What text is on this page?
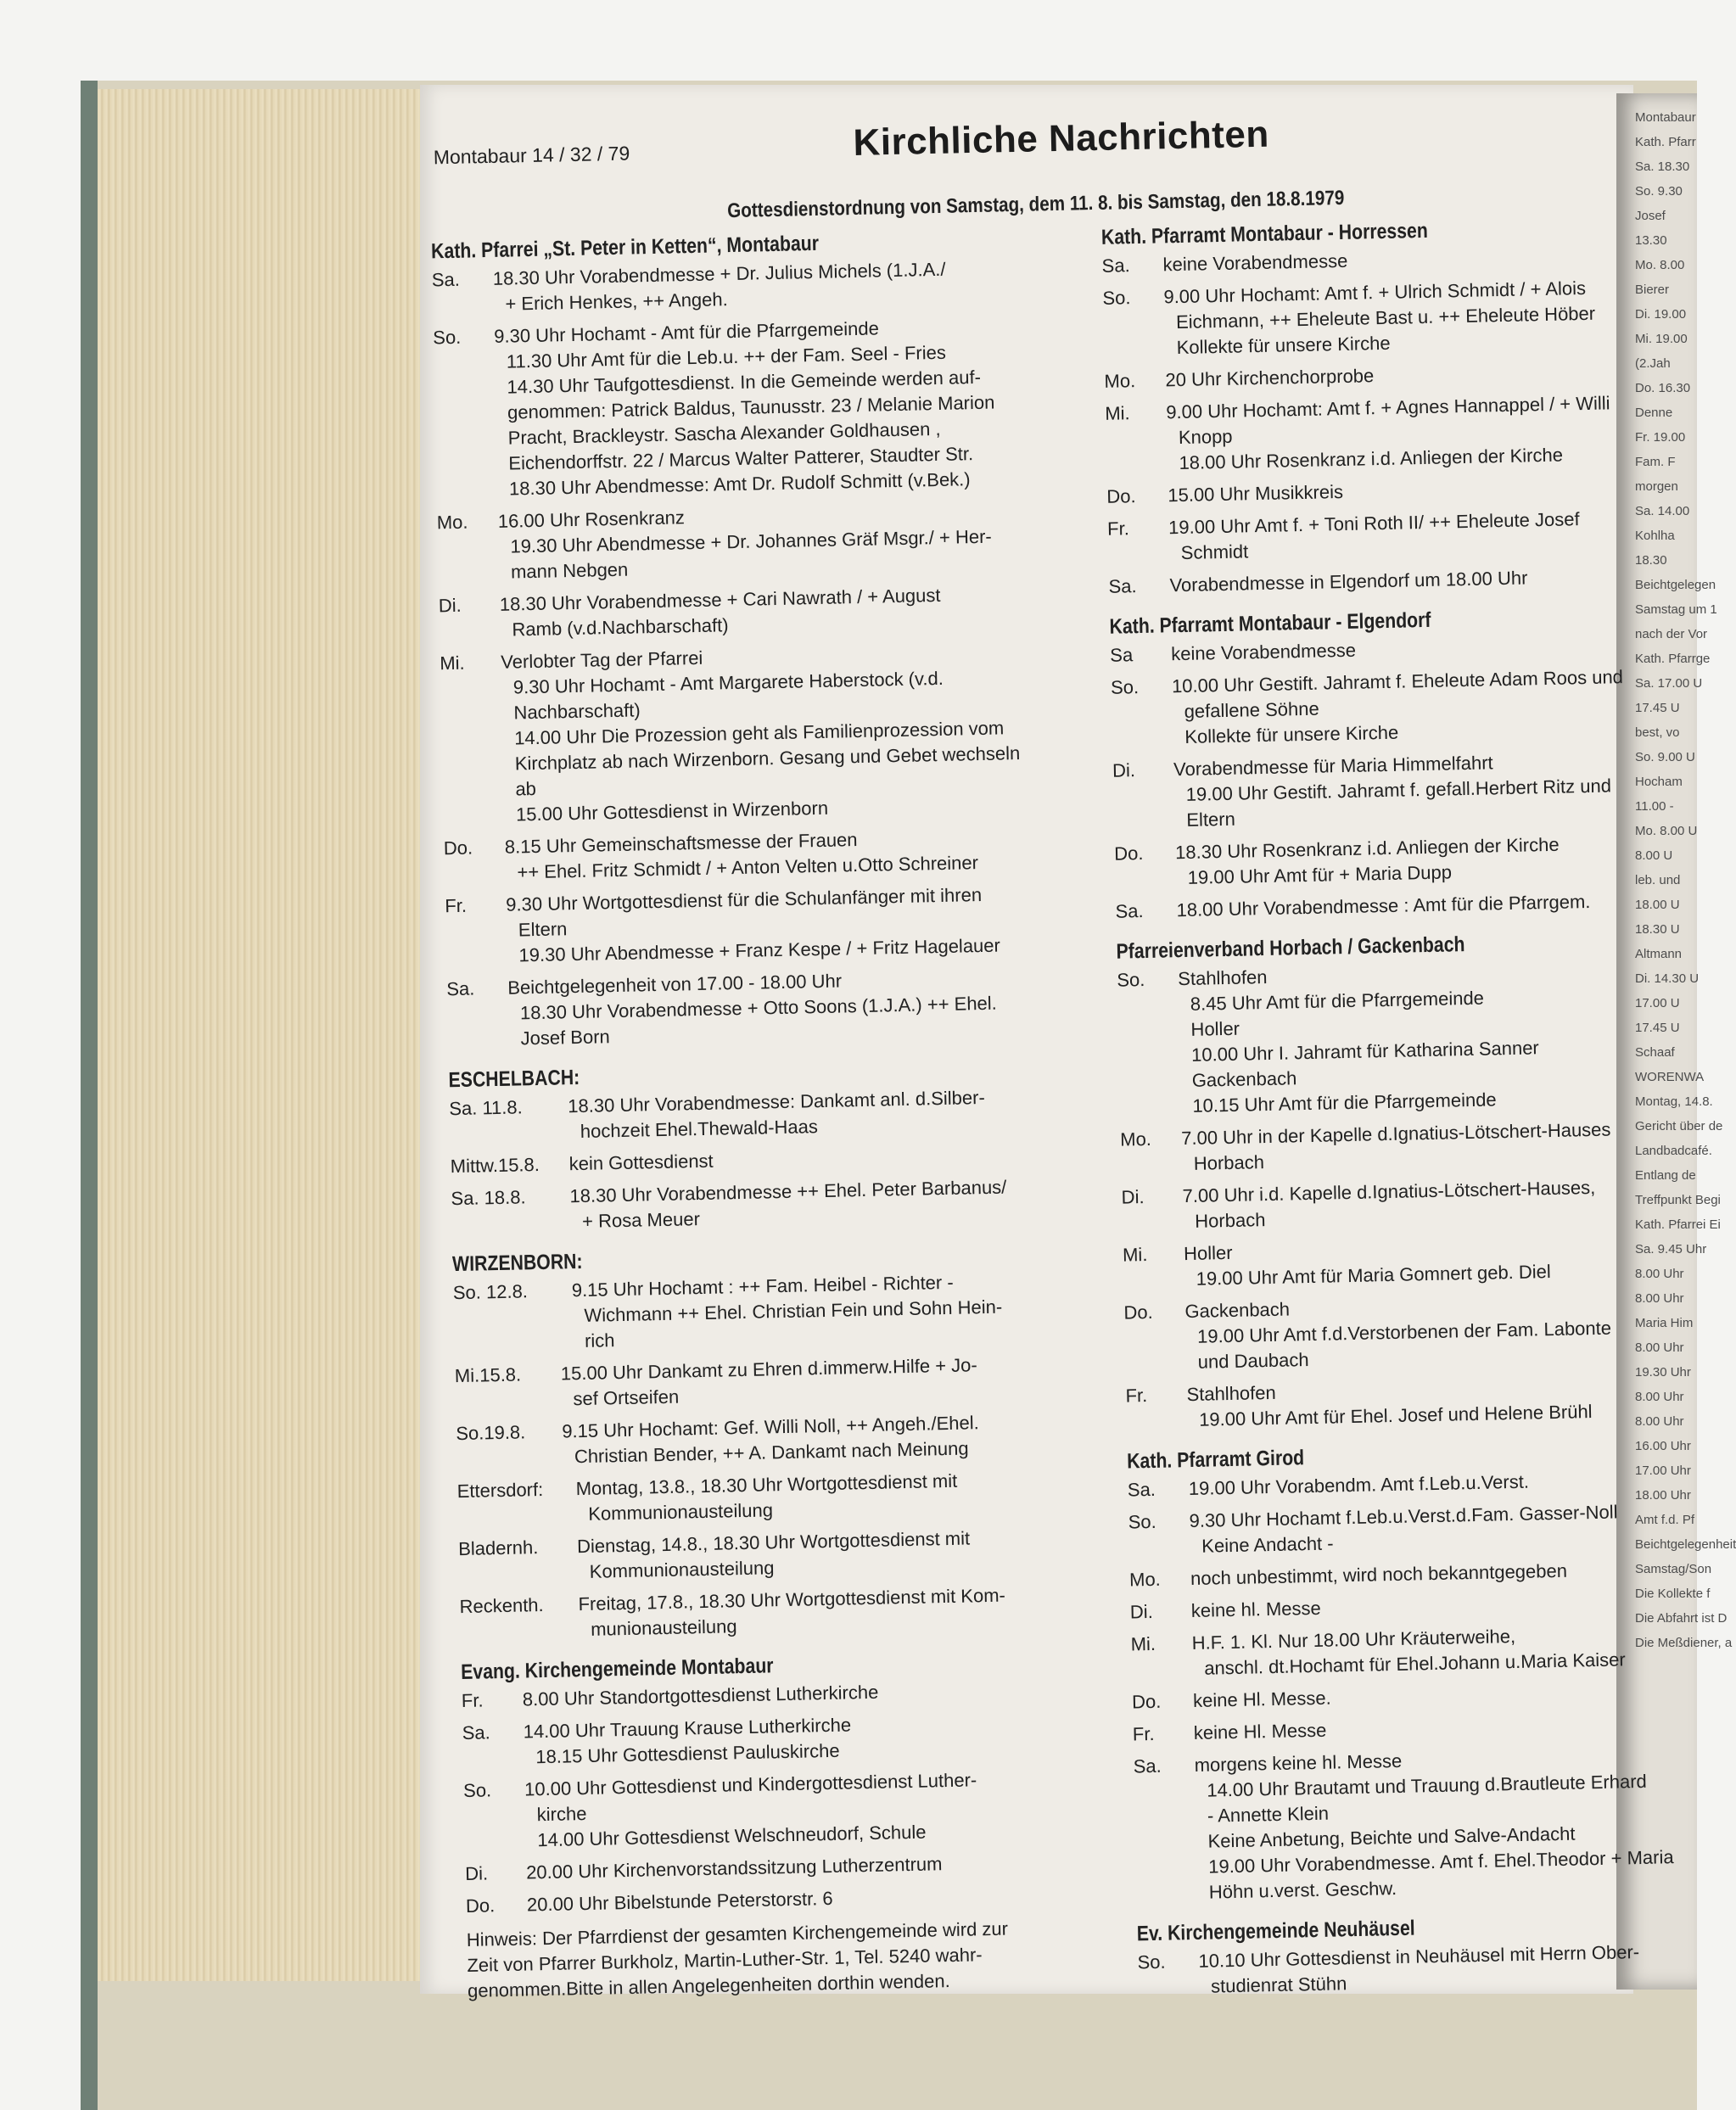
Montabaur
Kath. Pfarr
Sa. 18.30
So. 9.30
Josef
13.30
Mo. 8.00
Bierer
Di. 19.00
Mi. 19.00
(2.Jah
Do. 16.30
Denne
Fr. 19.00
Fam. F
morgen
Sa. 14.00
Kohlha
18.30
Beichtgelegen
Samstag um 1
nach der Vor
Kath. Pfarrge
Sa. 17.00 U
17.45 U
best, vo
So. 9.00 U
Hocham
11.00 -
Mo. 8.00 U
8.00 U
leb. und
18.00 U
18.30 U
Altmann
Di. 14.30 U
17.00 U
17.45 U
Schaaf
WORENWA
Montag, 14.8.
Gericht über de
Landbadcafé.
Entlang de
Treffpunkt Begi
Kath. Pfarrei Ei
Sa. 9.45 Uhr
8.00 Uhr
8.00 Uhr
Maria Him
8.00 Uhr
19.30 Uhr
8.00 Uhr
8.00 Uhr
16.00 Uhr
17.00 Uhr
18.00 Uhr
Amt f.d. Pf
Beichtgelegenheit
Samstag/Son
Die Kollekte f
Die Abfahrt ist D
Die Meßdiener, a
Montabaur 14 / 32 / 79	Kirchliche Nachrichten
Gottesdienstordnung von Samstag, dem 11. 8. bis Samstag, den 18.8.1979
Kath. Pfarrei „St. Peter in Ketten“, Montabaur
Sa.	18.30 Uhr Vorabendmesse + Dr. Julius Michels (1.J.A./
+ Erich Henkes, ++ Angeh.
So.	9.30 Uhr Hochamt - Amt für die Pfarrgemeinde
11.30 Uhr Amt für die Leb.u. ++ der Fam. Seel - Fries
14.30 Uhr Taufgottesdienst. In die Gemeinde werden auf-
genommen: Patrick Baldus, Taunusstr. 23 / Melanie Marion
Pracht, Brackleystr. Sascha Alexander Goldhausen ,
Eichendorffstr. 22 / Marcus Walter Patterer, Staudter Str.
18.30 Uhr Abendmesse: Amt Dr. Rudolf Schmitt (v.Bek.)
Mo.	16.00 Uhr Rosenkranz
19.30 Uhr Abendmesse + Dr. Johannes Gräf Msgr./ + Her-
mann Nebgen
Di.	18.30 Uhr Vorabendmesse + Cari Nawrath / + August
Ramb (v.d.Nachbarschaft)
Mi.	Verlobter Tag der Pfarrei
9.30 Uhr Hochamt - Amt Margarete Haberstock (v.d.
Nachbarschaft)
14.00 Uhr Die Prozession geht als Familienprozession vom
Kirchplatz ab nach Wirzenborn. Gesang und Gebet wechseln
ab
15.00 Uhr Gottesdienst in Wirzenborn
Do.	8.15 Uhr Gemeinschaftsmesse der Frauen
++ Ehel. Fritz Schmidt / + Anton Velten u.Otto Schreiner
Fr.	9.30 Uhr Wortgottesdienst für die Schulanfänger mit ihren
Eltern
19.30 Uhr Abendmesse + Franz Kespe / + Fritz Hagelauer
Sa.	Beichtgelegenheit von 17.00 - 18.00 Uhr
18.30 Uhr Vorabendmesse + Otto Soons (1.J.A.) ++ Ehel.
Josef Born
ESCHELBACH:
Sa. 11.8.	18.30 Uhr Vorabendmesse: Dankamt anl. d.Silber-
hochzeit Ehel.Thewald-Haas
Mittw.15.8.	kein Gottesdienst
Sa. 18.8.	18.30 Uhr Vorabendmesse ++ Ehel. Peter Barbanus/
+ Rosa Meuer
WIRZENBORN:
So. 12.8.	9.15 Uhr Hochamt : ++ Fam. Heibel - Richter -
Wichmann ++ Ehel. Christian Fein und Sohn Hein-
rich
Mi.15.8.	15.00 Uhr Dankamt zu Ehren d.immerw.Hilfe + Jo-
sef Ortseifen
So.19.8.	9.15 Uhr Hochamt: Gef. Willi Noll, ++ Angeh./Ehel.
Christian Bender, ++ A. Dankamt nach Meinung
Ettersdorf:	Montag, 13.8., 18.30 Uhr Wortgottesdienst mit
Kommunionausteilung
Bladernh.	Dienstag, 14.8., 18.30 Uhr Wortgottesdienst mit
Kommunionausteilung
Reckenth.	Freitag, 17.8., 18.30 Uhr Wortgottesdienst mit Kom-
munionausteilung
Evang. Kirchengemeinde Montabaur
Fr.	8.00 Uhr Standortgottesdienst Lutherkirche
Sa.	14.00 Uhr Trauung Krause Lutherkirche
18.15 Uhr Gottesdienst Pauluskirche
So.	10.00 Uhr Gottesdienst und Kindergottesdienst Luther-
kirche
14.00 Uhr Gottesdienst Welschneudorf, Schule
Di.	20.00 Uhr Kirchenvorstandssitzung Lutherzentrum
Do.	20.00 Uhr Bibelstunde Peterstorstr. 6
Hinweis: Der Pfarrdienst der gesamten Kirchengemeinde wird zur
Zeit von Pfarrer Burkholz, Martin-Luther-Str. 1, Tel. 5240 wahr-
genommen.Bitte in allen Angelegenheiten dorthin wenden.
Kath. Pfarramt Montabaur - Horressen
Sa.	keine Vorabendmesse
So.	9.00 Uhr Hochamt: Amt f. + Ulrich Schmidt / + Alois
Eichmann, ++ Eheleute Bast u. ++ Eheleute Höber
Kollekte für unsere Kirche
Mo.	20 Uhr Kirchenchorprobe
Mi.	9.00 Uhr Hochamt: Amt f. + Agnes Hannappel / + Willi
Knopp
18.00 Uhr Rosenkranz i.d. Anliegen der Kirche
Do.	15.00 Uhr Musikkreis
Fr.	19.00 Uhr Amt f. + Toni Roth II/ ++ Eheleute Josef
Schmidt
Sa.	Vorabendmesse in Elgendorf um 18.00 Uhr
Kath. Pfarramt Montabaur - Elgendorf
Sa	keine Vorabendmesse
So.	10.00 Uhr Gestift. Jahramt f. Eheleute Adam Roos und
gefallene Söhne
Kollekte für unsere Kirche
Di.	Vorabendmesse für Maria Himmelfahrt
19.00 Uhr Gestift. Jahramt f. gefall.Herbert Ritz und
Eltern
Do.	18.30 Uhr Rosenkranz i.d. Anliegen der Kirche
19.00 Uhr Amt für + Maria Dupp
Sa.	18.00 Uhr Vorabendmesse : Amt für die Pfarrgem.
Pfarreienverband Horbach / Gackenbach
So.	Stahlhofen
8.45 Uhr Amt für die Pfarrgemeinde
Holler
10.00 Uhr I. Jahramt für Katharina Sanner
Gackenbach
10.15 Uhr Amt für die Pfarrgemeinde
Mo.	7.00 Uhr in der Kapelle d.Ignatius-Lötschert-Hauses
Horbach
Di.	7.00 Uhr i.d. Kapelle d.Ignatius-Lötschert-Hauses,
Horbach
Mi.	Holler
19.00 Uhr Amt für Maria Gomnert geb. Diel
Do.	Gackenbach
19.00 Uhr Amt f.d.Verstorbenen der Fam. Labonte
und Daubach
Fr.	Stahlhofen
19.00 Uhr Amt für Ehel. Josef und Helene Brühl
Kath. Pfarramt Girod
Sa.	19.00 Uhr Vorabendm. Amt f.Leb.u.Verst.
So.	9.30 Uhr Hochamt f.Leb.u.Verst.d.Fam. Gasser-Noll
Keine Andacht -
Mo.	noch unbestimmt, wird noch bekanntgegeben
Di.	keine hl. Messe
Mi.	H.F. 1. Kl. Nur 18.00 Uhr Kräuterweihe,
anschl. dt.Hochamt für Ehel.Johann u.Maria Kaiser
Do.	keine Hl. Messe.
Fr.	keine Hl. Messe
Sa.	morgens keine hl. Messe
14.00 Uhr Brautamt und Trauung d.Brautleute Erhard
- Annette Klein
Keine Anbetung, Beichte und Salve-Andacht
19.00 Uhr Vorabendmesse. Amt f. Ehel.Theodor + Maria
Höhn u.verst. Geschw.
Ev. Kirchengemeinde Neuhäusel
So.	10.10 Uhr Gottesdienst in Neuhäusel mit Herrn Ober-
studienrat Stühn
